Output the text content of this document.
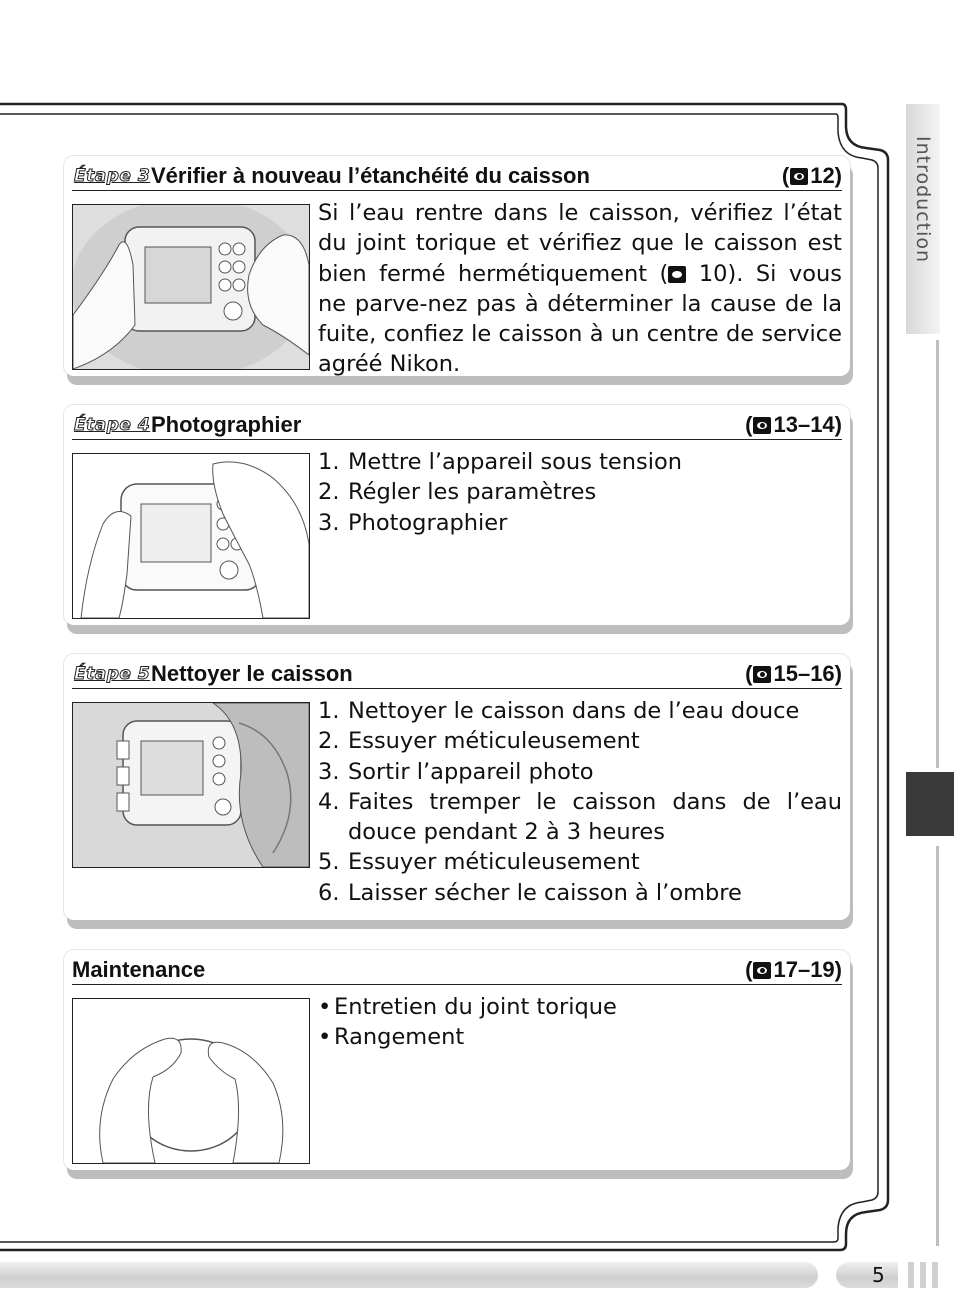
Introduction
5
Étape 3 Vérifier à nouveau l’étanchéité du caisson	( 12)

Si l’eau rentre dans le caisson, vérifiez l’état du joint torique et vérifiez que le caisson est bien fermé hermétiquement ( 10). Si vous ne parve-nez pas à déterminer la cause de la fuite, confiez le caisson à un centre de service agréé Nikon.

Étape 4 Photographier	( 13–14)
1. Mettre l’appareil sous tension
2. Régler les paramètres
3. Photographier
Étape 5 Nettoyer le caisson	( 15–16)
1. Nettoyer le caisson dans de l’eau douce
2. Essuyer méticuleusement
3. Sortir l’appareil photo
4. Faites tremper le caisson dans de l’eau douce pendant 2 à 3 heures
5. Essuyer méticuleusement
6. Laisser sécher le caisson à l’ombre
Maintenance	( 17–19)
• Entretien du joint torique
• Rangement
